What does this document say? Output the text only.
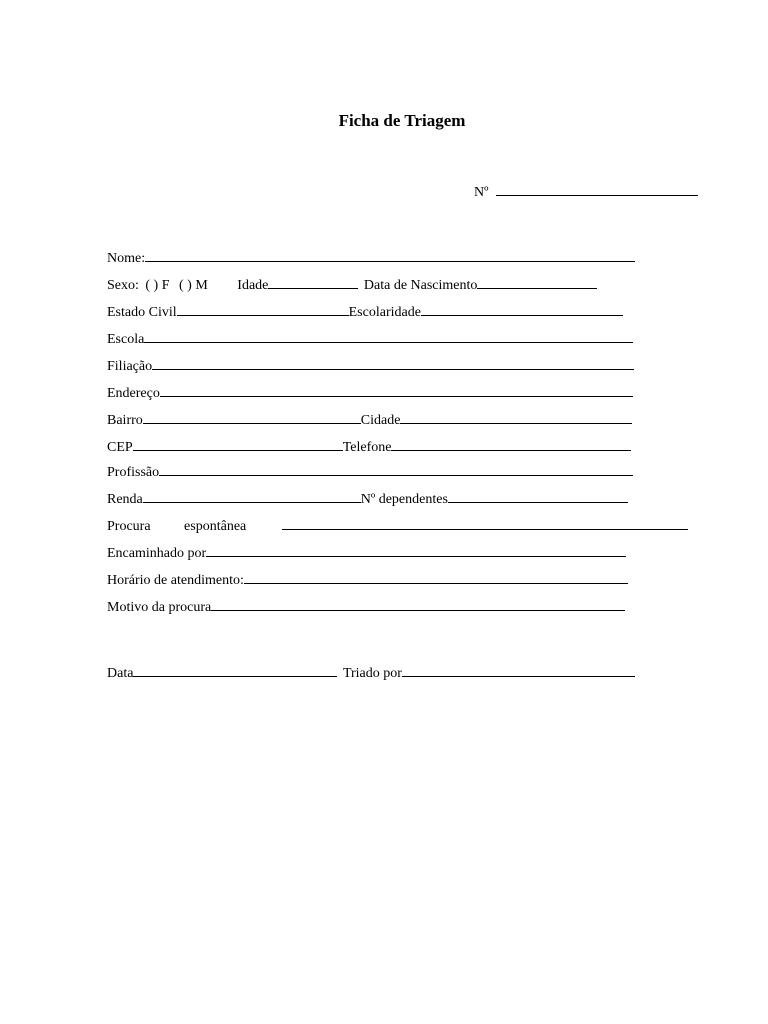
Ficha de Triagem
Nº
Nome:
Sexo: ( ) F ( ) M Idade	Data de Nascimento
Estado Civil	Escolaridade
Escola
Filiação
Endereço
Bairro	Cidade
CEP	Telefone
Profissão
Renda	Nº dependentes
Procura espontânea
Encaminhado por
Horário de atendimento:
Motivo da procura
Data	Triado por
